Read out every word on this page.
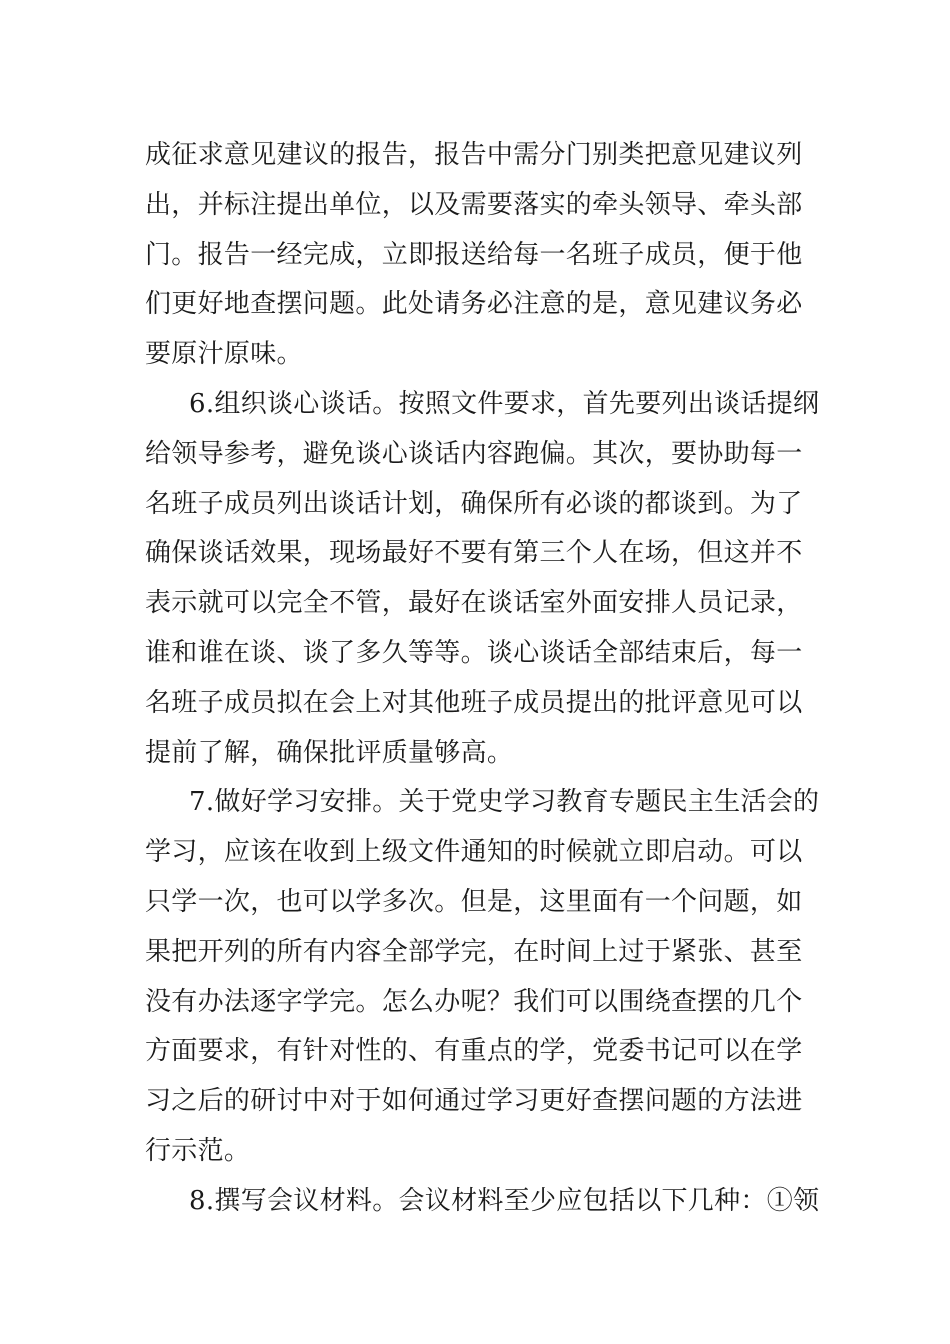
成征求意见建议的报告，报告中需分门别类把意见建议列
出，并标注提出单位，以及需要落实的牵头领导、牵头部
门。报告一经完成，立即报送给每一名班子成员，便于他
们更好地查摆问题。此处请务必注意的是，意见建议务必
要原汁原味。
6.组织谈心谈话。按照文件要求，首先要列出谈话提纲
给领导参考，避免谈心谈话内容跑偏。其次，要协助每一
名班子成员列出谈话计划，确保所有必谈的都谈到。为了
确保谈话效果，现场最好不要有第三个人在场，但这并不
表示就可以完全不管，最好在谈话室外面安排人员记录，
谁和谁在谈、谈了多久等等。谈心谈话全部结束后，每一
名班子成员拟在会上对其他班子成员提出的批评意见可以
提前了解，确保批评质量够高。
7.做好学习安排。关于党史学习教育专题民主生活会的
学习，应该在收到上级文件通知的时候就立即启动。可以
只学一次，也可以学多次。但是，这里面有一个问题，如
果把开列的所有内容全部学完，在时间上过于紧张、甚至
没有办法逐字学完。怎么办呢？我们可以围绕查摆的几个
方面要求，有针对性的、有重点的学，党委书记可以在学
习之后的研讨中对于如何通过学习更好查摆问题的方法进
行示范。
8.撰写会议材料。会议材料至少应包括以下几种：①领
